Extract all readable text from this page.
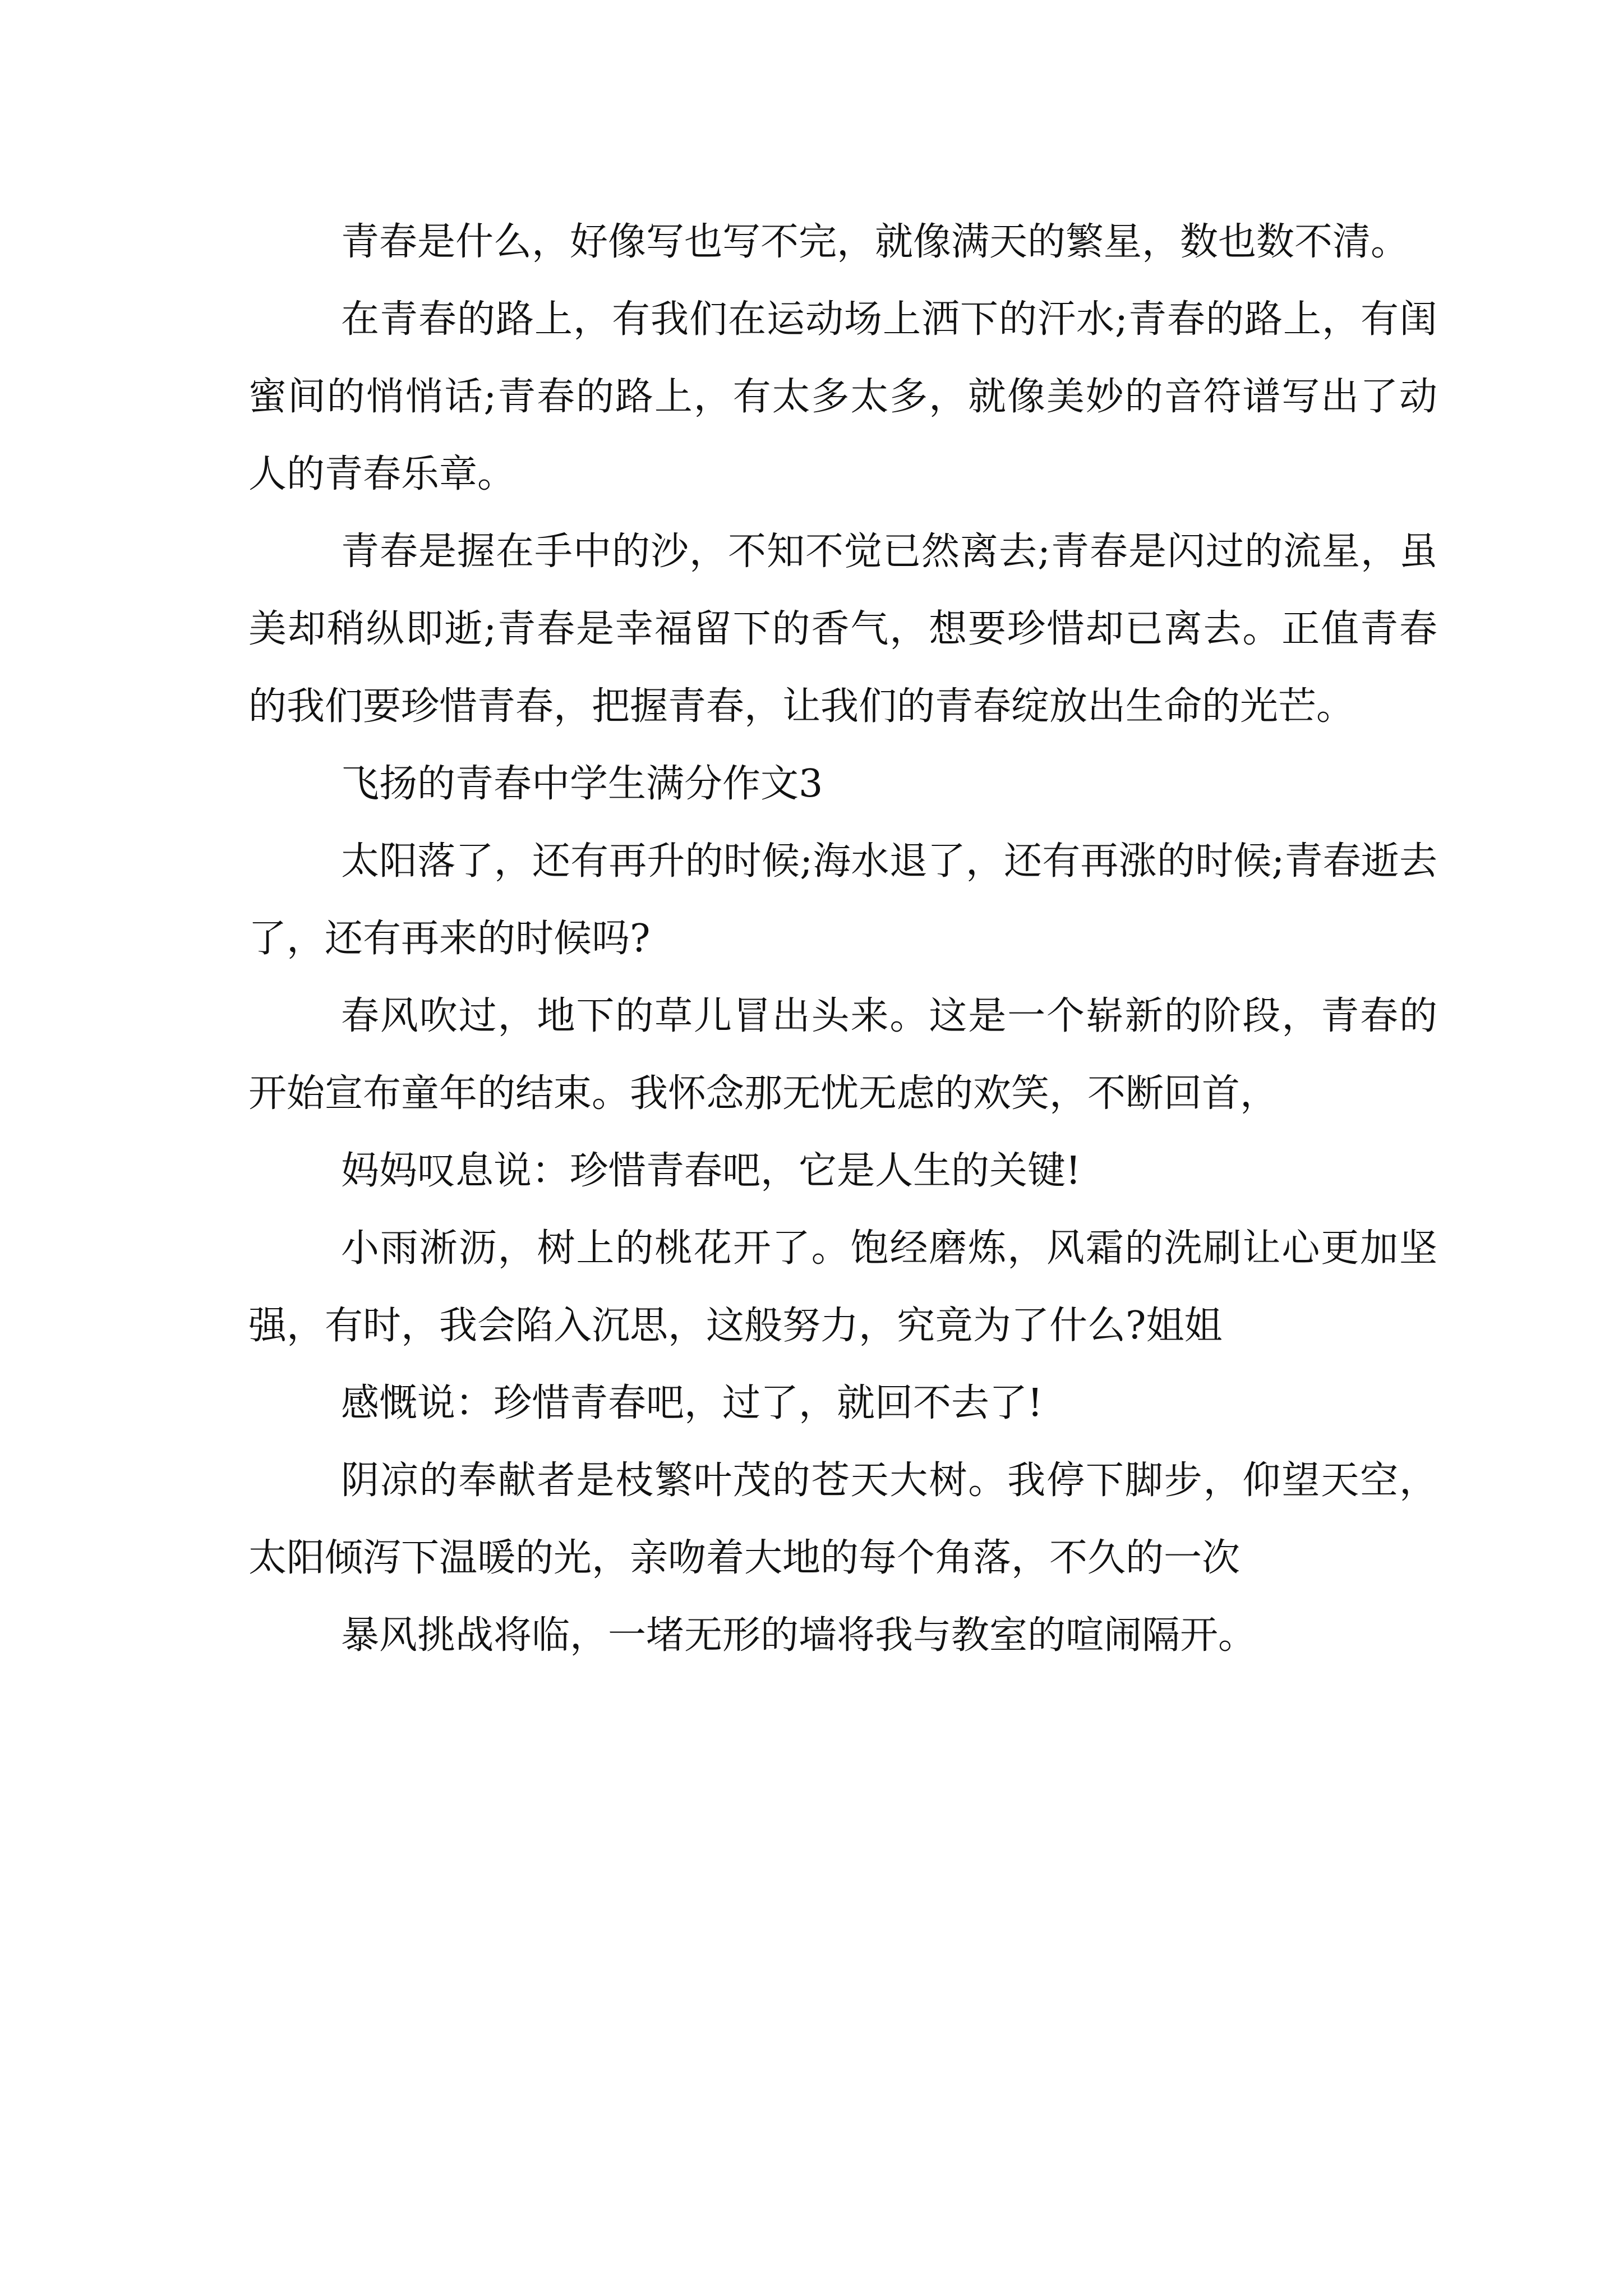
青春是什么，好像写也写不完，就像满天的繁星，数也数不清。

在青春的路上，有我们在运动场上洒下的汗水;青春的路上，有闺蜜间的悄悄话;青春的路上，有太多太多，就像美妙的音符谱写出了动人的青春乐章。

青春是握在手中的沙，不知不觉已然离去;青春是闪过的流星，虽美却稍纵即逝;青春是幸福留下的香气，想要珍惜却已离去。正值青春的我们要珍惜青春，把握青春，让我们的青春绽放出生命的光芒。

飞扬的青春中学生满分作文3

太阳落了，还有再升的时候;海水退了，还有再涨的时候;青春逝去了，还有再来的时候吗?

春风吹过，地下的草儿冒出头来。这是一个崭新的阶段，青春的开始宣布童年的结束。我怀念那无忧无虑的欢笑，不断回首，

妈妈叹息说：珍惜青春吧，它是人生的关键!

小雨淅沥，树上的桃花开了。饱经磨炼，风霜的洗刷让心更加坚强，有时，我会陷入沉思，这般努力，究竟为了什么?姐姐

感慨说：珍惜青春吧，过了，就回不去了!

阴凉的奉献者是枝繁叶茂的苍天大树。我停下脚步，仰望天空，太阳倾泻下温暖的光，亲吻着大地的每个角落，不久的一次

暴风挑战将临，一堵无形的墙将我与教室的喧闹隔开。
